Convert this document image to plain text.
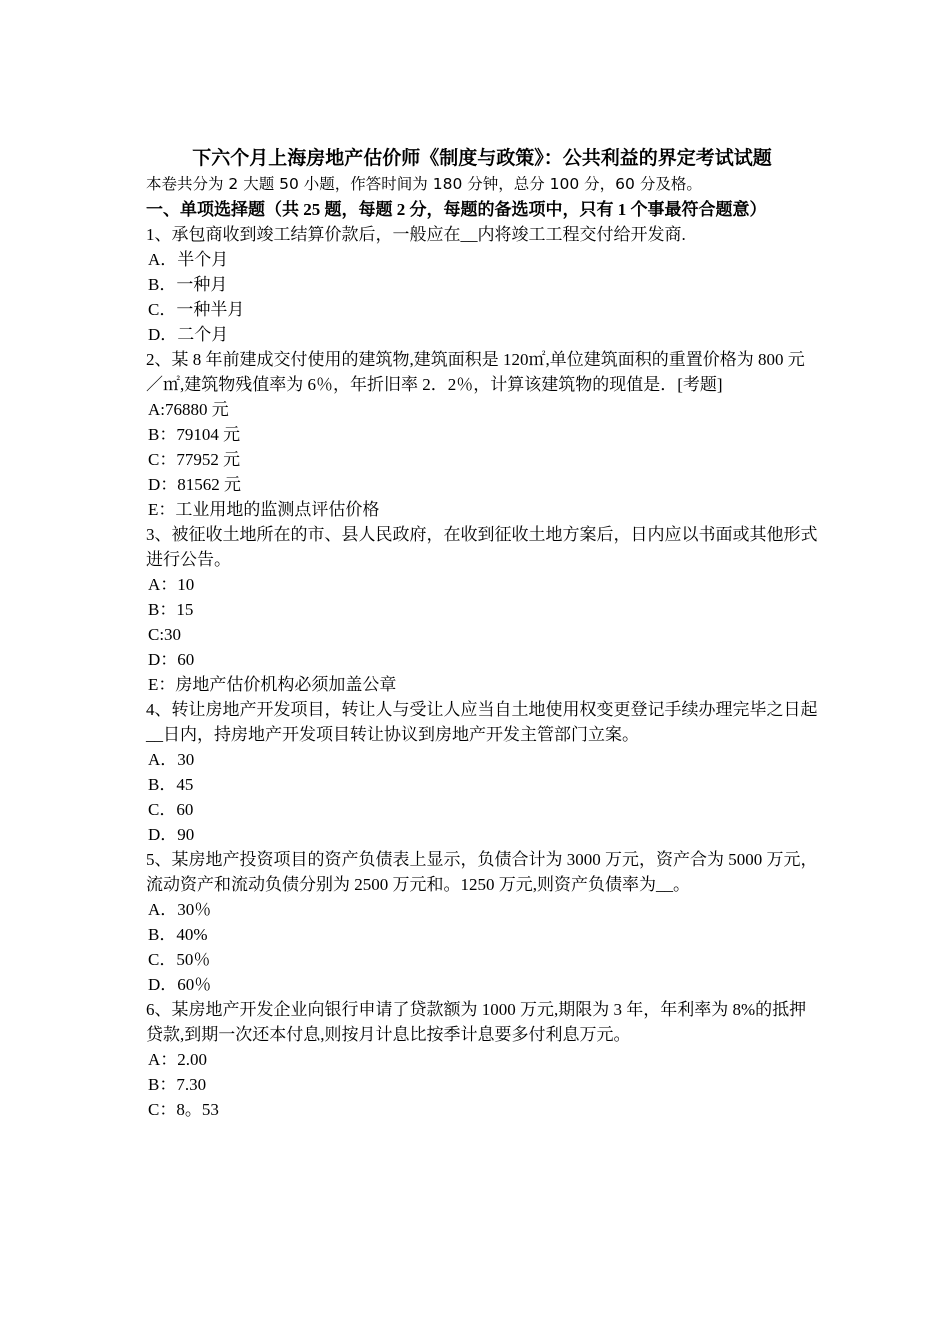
下六个月上海房地产估价师《制度与政策》：公共利益的界定考试试题

本卷共分为 2 大题 50 小题，作答时间为 180 分钟，总分 100 分，60 分及格。

一、单项选择题（共 25 题，每题 2 分，每题的备选项中，只有 1 个事最符合题意）

1、承包商收到竣工结算价款后，一般应在__内将竣工工程交付给开发商.

A．半个月

B．一种月

C．一种半月

D．二个月

2、某 8 年前建成交付使用的建筑物,建筑面积是 120㎡,单位建筑面积的重置价格为 800 元／㎡,建筑物残值率为 6％，年折旧率 2．2％，计算该建筑物的现值是．[考题]

A:76880 元

B：79104 元

C：77952 元

D：81562 元

E：工业用地的监测点评估价格

3、被征收土地所在的市、县人民政府，在收到征收土地方案后，日内应以书面或其他形式进行公告。

A：10

B：15

C:30

D：60

E：房地产估价机构必须加盖公章

4、转让房地产开发项目，转让人与受让人应当自土地使用权变更登记手续办理完毕之日起__日内，持房地产开发项目转让协议到房地产开发主管部门立案。

A．30

B．45

C．60

D．90

5、某房地产投资项目的资产负债表上显示，负债合计为 3000 万元，资产合为 5000 万元，流动资产和流动负债分别为 2500 万元和。1250 万元,则资产负债率为__。

A．30％

B．40%

C．50％

D．60％

6、某房地产开发企业向银行申请了贷款额为 1000 万元,期限为 3 年，年利率为 8%的抵押贷款,到期一次还本付息,则按月计息比按季计息要多付利息万元。

A：2.00

B：7.30

C：8。53
